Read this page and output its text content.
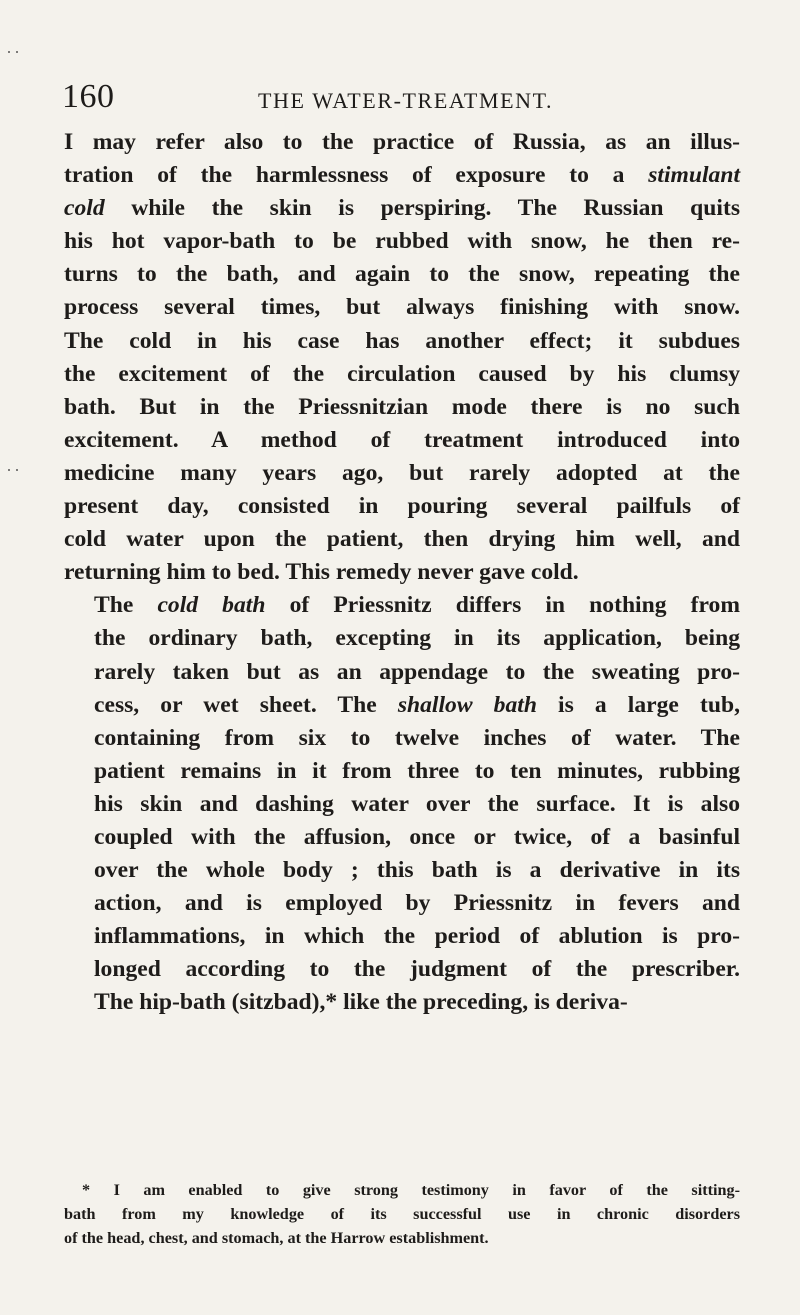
160	THE WATER-TREATMENT.
I may refer also to the practice of Russia, as an illus-
tration of the harmlessness of exposure to a stimulant
cold while the skin is perspiring. The Russian quits
his hot vapor-bath to be rubbed with snow, he then re-
turns to the bath, and again to the snow, repeating the
process several times, but always finishing with snow.
The cold in his case has another effect; it subdues
the excitement of the circulation caused by his clumsy
bath. But in the Priessnitzian mode there is no such
excitement. A method of treatment introduced into
medicine many years ago, but rarely adopted at the
present day, consisted in pouring several pailfuls of
cold water upon the patient, then drying him well, and
returning him to bed. This remedy never gave cold.
The cold bath of Priessnitz differs in nothing from
the ordinary bath, excepting in its application, being
rarely taken but as an appendage to the sweating pro-
cess, or wet sheet. The shallow bath is a large tub,
containing from six to twelve inches of water. The
patient remains in it from three to ten minutes, rubbing
his skin and dashing water over the surface. It is also
coupled with the affusion, once or twice, of a basinful
over the whole body ; this bath is a derivative in its
action, and is employed by Priessnitz in fevers and
inflammations, in which the period of ablution is pro-
longed according to the judgment of the prescriber.
The hip-bath (sitzbad),* like the preceding, is deriva-
* I am enabled to give strong testimony in favor of the sitting-
bath from my knowledge of its successful use in chronic disorders
of the head, chest, and stomach, at the Harrow establishment.
